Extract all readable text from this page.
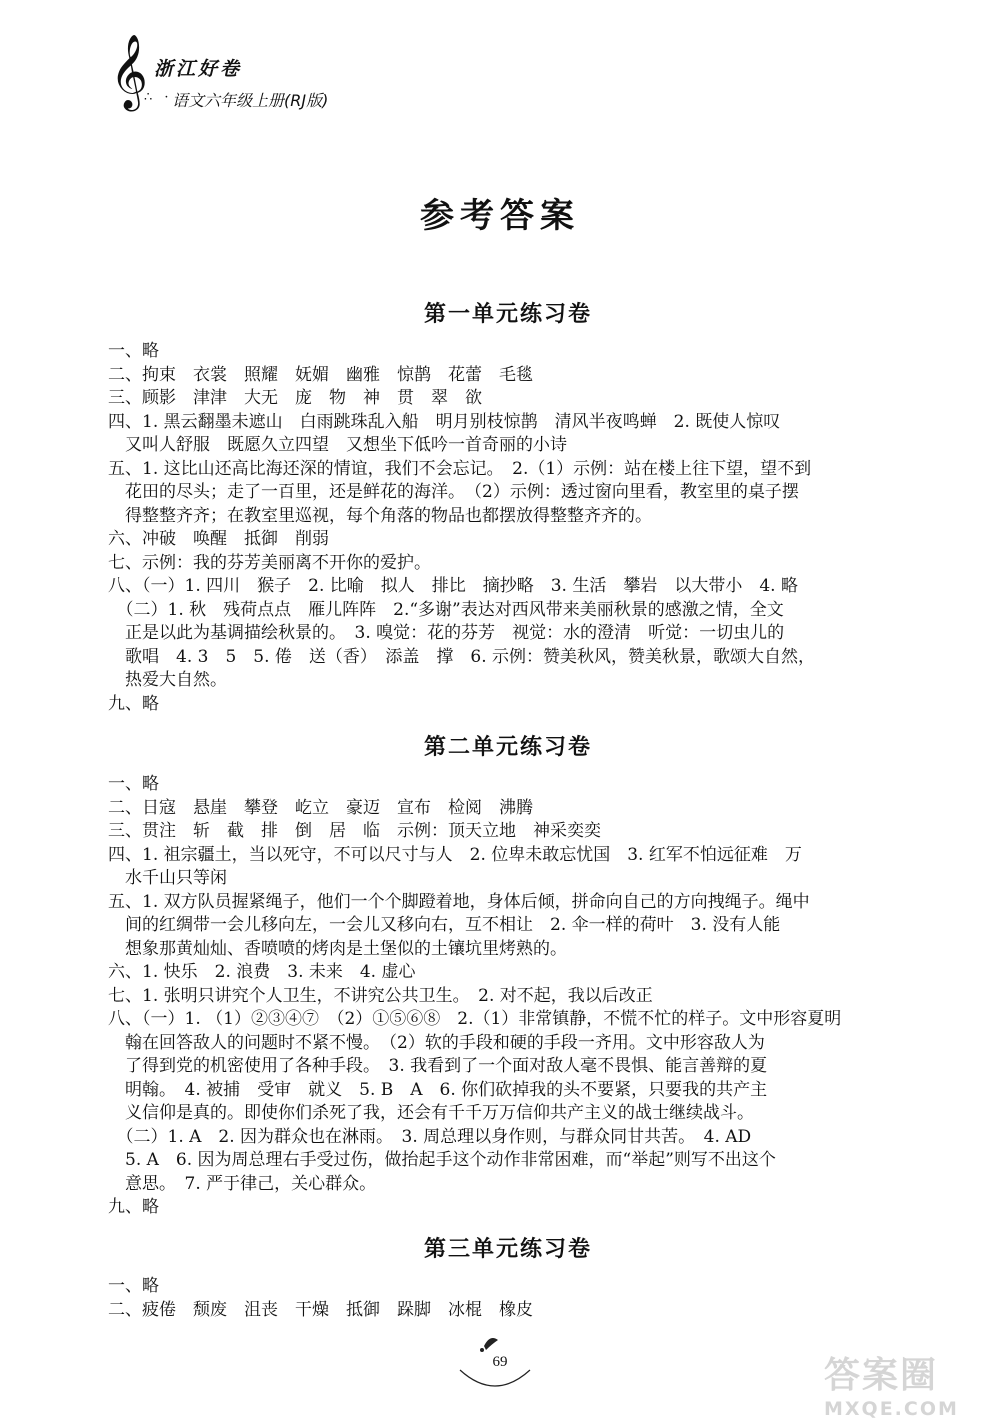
𝄞
∴ ·
浙江好卷
语文六年级上册(RJ版)
参考答案
第一单元练习卷
一、略
二、拘束　衣裳　照耀　妩媚　幽雅　惊鹊　花蕾　毛毯
三、顾影　津津　大无　庞　物　神　贯　翠　欲
四、1. 黑云翻墨未遮山　白雨跳珠乱入船　明月别枝惊鹊　清风半夜鸣蝉　2. 既使人惊叹
　又叫人舒服　既愿久立四望　又想坐下低吟一首奇丽的小诗
五、1. 这比山还高比海还深的情谊，我们不会忘记。　2.（1）示例：站在楼上往下望，望不到
　花田的尽头；走了一百里，还是鲜花的海洋。　（2）示例：透过窗向里看，教室里的桌子摆
　得整整齐齐；在教室里巡视，每个角落的物品也都摆放得整整齐齐的。
六、冲破　唤醒　抵御　削弱
七、示例：我的芬芳美丽离不开你的爱护。
八、（一）1. 四川　猴子　2. 比喻　拟人　排比　摘抄略　3. 生活　攀岩　以大带小　4. 略
　（二）1. 秋　残荷点点　雁儿阵阵　2.“多谢”表达对西风带来美丽秋景的感激之情，全文
　正是以此为基调描绘秋景的。　3. 嗅觉：花的芬芳　视觉：水的澄清　听觉：一切虫儿的
　歌唱　4. 3　5　5. 倦　送（香）　添盖　撑　6. 示例：赞美秋风，赞美秋景，歌颂大自然，
　热爱大自然。
九、略
第二单元练习卷
一、略
二、日寇　悬崖　攀登　屹立　豪迈　宣布　检阅　沸腾
三、贯注　斩　截　排　倒　居　临　示例：顶天立地　神采奕奕
四、1. 祖宗疆土，当以死守，不可以尺寸与人　2. 位卑未敢忘忧国　3. 红军不怕远征难　万
　水千山只等闲
五、1. 双方队员握紧绳子，他们一个个脚蹬着地，身体后倾，拼命向自己的方向拽绳子。绳中
　间的红绸带一会儿移向左，一会儿又移向右，互不相让　2. 伞一样的荷叶　3. 没有人能
　想象那黄灿灿、香喷喷的烤肉是土堡似的土镶坑里烤熟的。
六、1. 快乐　2. 浪费　3. 未来　4. 虚心
七、1. 张明只讲究个人卫生，不讲究公共卫生。　2. 对不起，我以后改正
八、（一）1. （1）②③④⑦　（2）①⑤⑥⑧　2.（1）非常镇静，不慌不忙的样子。文中形容夏明
　翰在回答敌人的问题时不紧不慢。　（2）软的手段和硬的手段一齐用。文中形容敌人为
　了得到党的机密使用了各种手段。　3. 我看到了一个面对敌人毫不畏惧、能言善辩的夏
　明翰。　4. 被捕　受审　就义　5. B　A　6. 你们砍掉我的头不要紧，只要我的共产主
　义信仰是真的。即使你们杀死了我，还会有千千万万信仰共产主义的战士继续战斗。
　（二）1. A　2. 因为群众也在淋雨。　3. 周总理以身作则，与群众同甘共苦。　4. AD
　5. A　6. 因为周总理右手受过伤，做抬起手这个动作非常困难，而“举起”则写不出这个
　意思。　7. 严于律己，关心群众。
九、略
第三单元练习卷
一、略
二、疲倦　颓废　沮丧　干燥　抵御　跺脚　冰棍　橡皮
69	答案圈
MXQE.COM
